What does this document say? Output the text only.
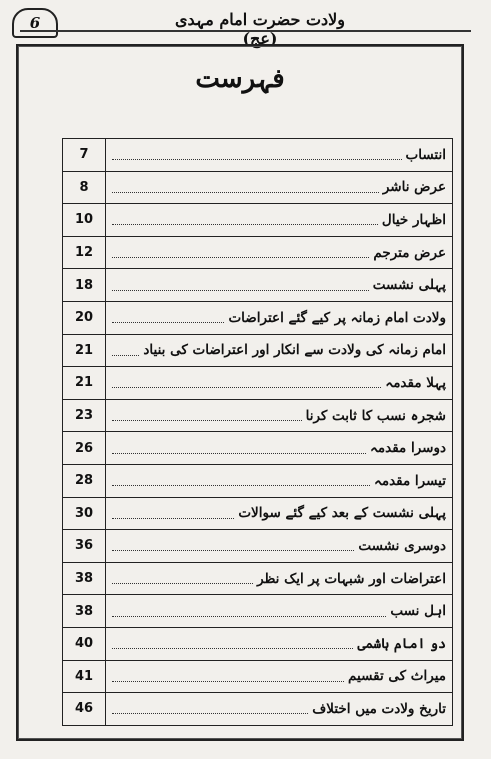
6	ولادت حضرت امام مہدی (عج)
فہرست
7	انتساب
8	عرض ناشر
10	اظہار خیال
12	عرض مترجم
18	پہلی نشست
20	ولادت امام زمانہ پر کیے گئے اعتراضات
21	امام زمانہ کی ولادت سے انکار اور اعتراضات کی بنیاد
21	پہلا مقدمہ
23	شجرہ نسب کا ثابت کرنا
26	دوسرا مقدمہ
28	تیسرا مقدمہ
30	پہلی نشست کے بعد کیے گئے سوالات
36	دوسری نشست
38	اعتراضات اور شبہات پر ایک نظر
38	اہل نسب
40	دو امام ہاشمی
41	میراث کی تقسیم
46	تاریخ ولادت میں اختلاف
